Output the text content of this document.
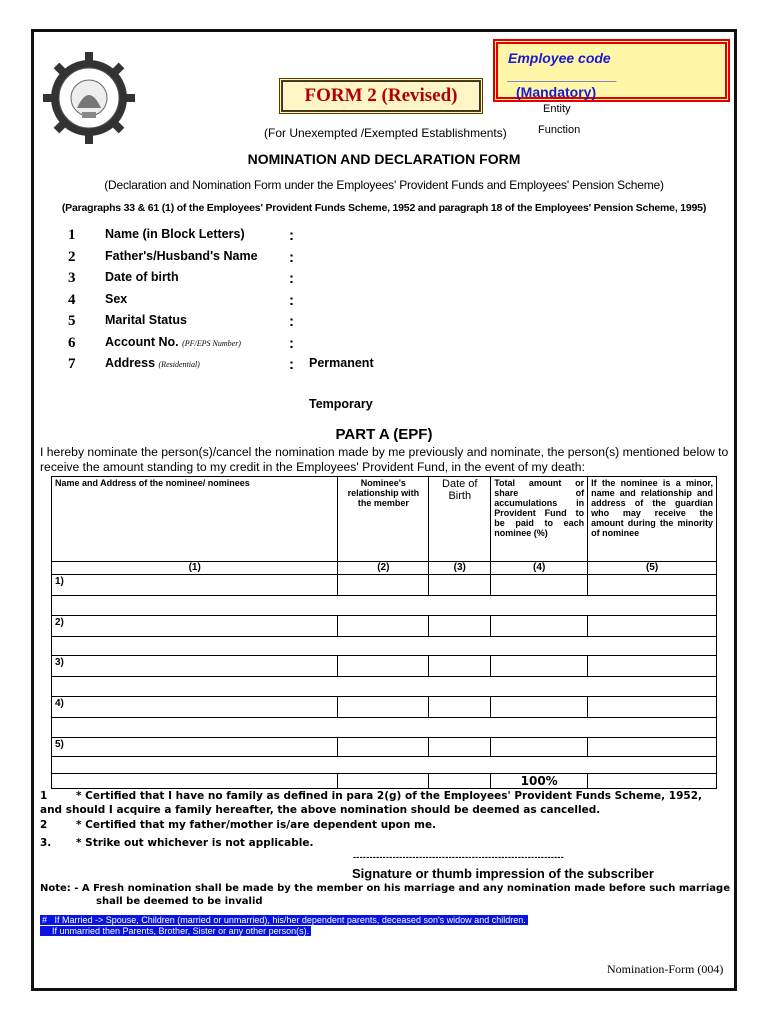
FORM 2 (Revised)
Employee code ______________
(Mandatory)
Entity
Function
(For Unexempted /Exempted Establishments)
NOMINATION AND DECLARATION FORM
(Declaration and Nomination Form under the Employees' Provident Funds and Employees' Pension Scheme)
(Paragraphs 33 & 61 (1) of the Employees' Provident Funds Scheme, 1952 and paragraph 18 of the Employees' Pension Scheme, 1995)
1	Name (in Block Letters)	:
2	Father's/Husband's Name :
3	Date of birth	:
4	Sex	:
5	Marital Status	:
6	Account No. (PF/EPS Number)	:
7	Address (Residential)	: Permanent
Temporary
PART A (EPF)
I hereby nominate the person(s)/cancel the nomination made by me previously and nominate, the person(s) mentioned below to receive the amount standing to my credit in the Employees' Provident Fund, in the event of my death:
Name and Address of the nominee/ nominees	Nominee's relationship with the member	Date of Birth	Total amount or share of accumulations in Provident Fund to be paid to each nominee (%)	If the nominee is a minor, name and relationship and address of the guardian who may receive the amount during the minority of nominee
(1)	(2)	(3)	(4)	(5)
1)				

2)				

3)				

4)				

5)				

			100%	
1	* Certified that I have no family as defined in para 2(g) of the Employees' Provident Funds Scheme, 1952, and should I acquire a family hereafter, the above nomination should be deemed as cancelled.
2	* Certified that my father/mother is/are dependent upon me.
3. * Strike out whichever is not applicable.
----------------------------------------------------------------
Signature or thumb impression of the subscriber
Note: - A Fresh nomination shall be made by the member on his marriage and any nomination made before such marriage
shall be deemed to be invalid
#   If Married -> Spouse, Children (married or unmarried), his/her dependent parents, deceased son's widow and children.
If unmarried then Parents, Brother, Sister or any other person(s).
Nomination-Form (004)
